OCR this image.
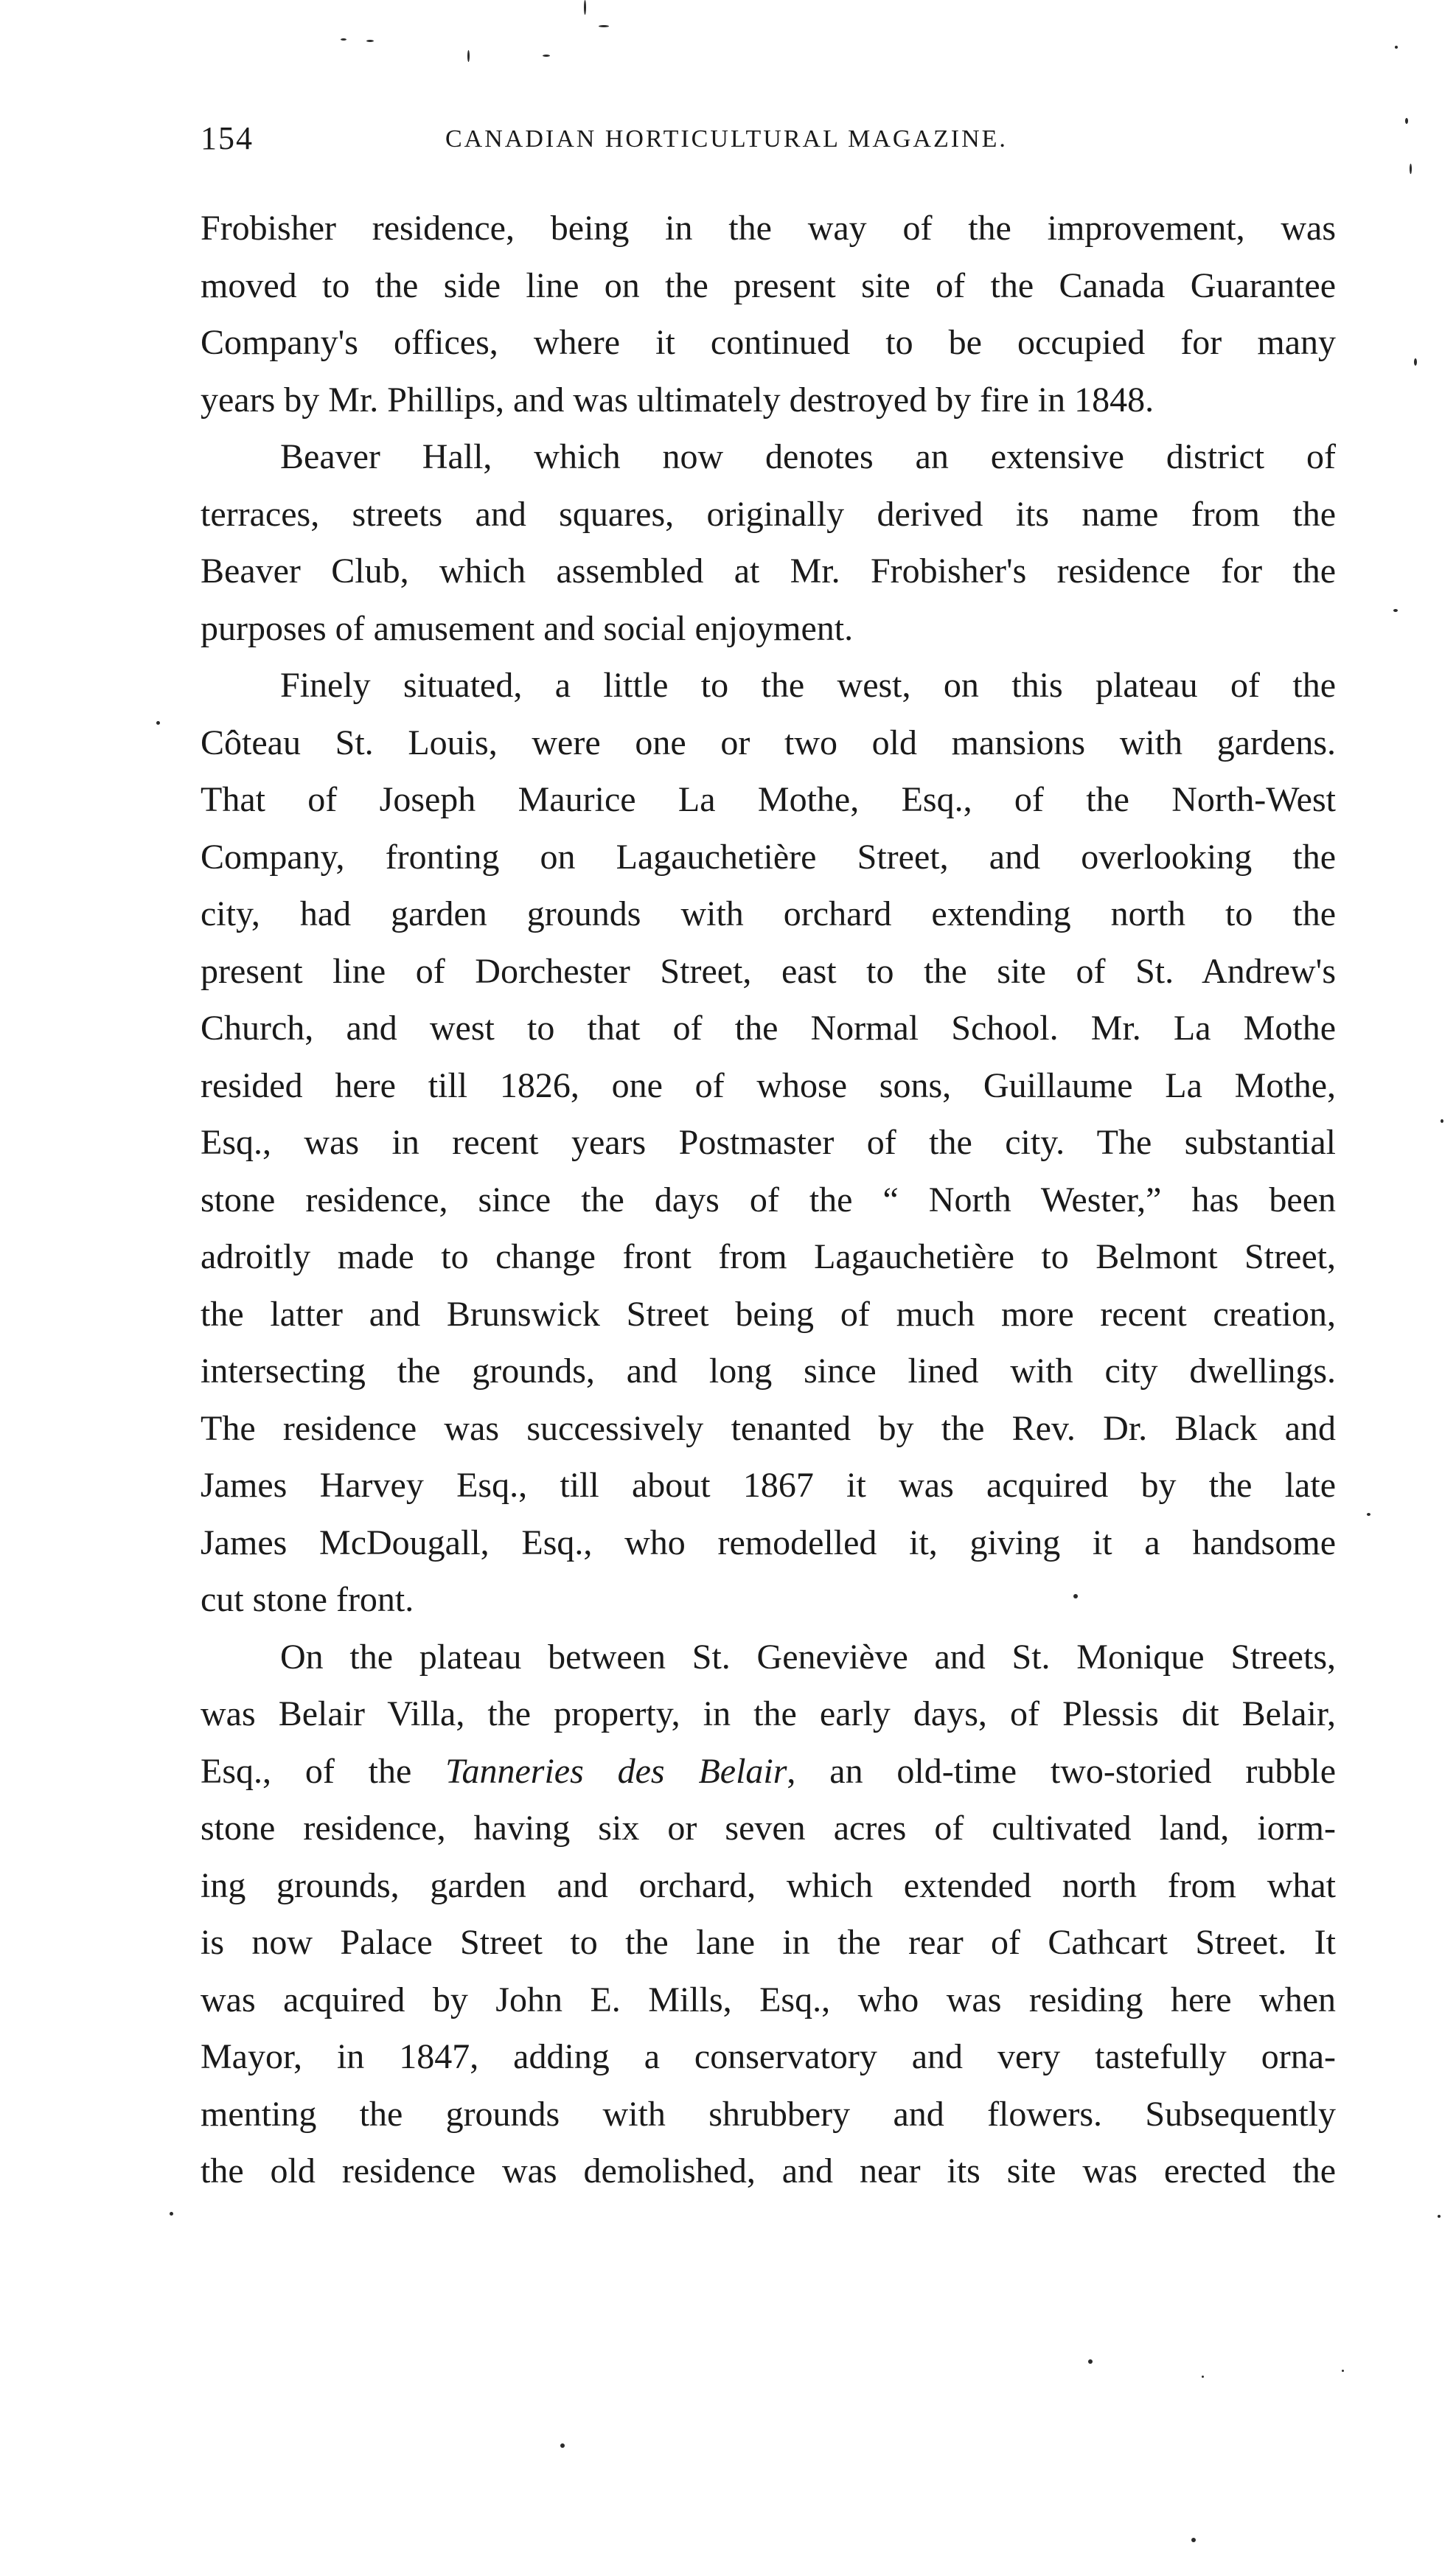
154	CANADIAN HORTICULTURAL MAGAZINE.

Frobisher residence, being in the way of the improvement, was
moved to the side line on the present site of the Canada Guarantee
Company's offices, where it continued to be occupied for many
years by Mr. Phillips, and was ultimately destroyed by fire in 1848.

Beaver Hall, which now denotes an extensive district of
terraces, streets and squares, originally derived its name from the
Beaver Club, which assembled at Mr. Frobisher's residence for the
purposes of amusement and social enjoyment.

Finely situated, a little to the west, on this plateau of the
Côteau St. Louis, were one or two old mansions with gardens.
That of Joseph Maurice La Mothe, Esq., of the North-West
Company, fronting on Lagauchetière Street, and overlooking the
city, had garden grounds with orchard extending north to the
present line of Dorchester Street, east to the site of St. Andrew's
Church, and west to that of the Normal School. Mr. La Mothe
resided here till 1826, one of whose sons, Guillaume La Mothe,
Esq., was in recent years Postmaster of the city. The substantial
stone residence, since the days of the “ North Wester,” has been
adroitly made to change front from Lagauchetière to Belmont Street,
the latter and Brunswick Street being of much more recent creation,
intersecting the grounds, and long since lined with city dwellings.
The residence was successively tenanted by the Rev. Dr. Black and
James Harvey Esq., till about 1867 it was acquired by the late
James McDougall, Esq., who remodelled it, giving it a handsome
cut stone front.

On the plateau between St. Geneviève and St. Monique Streets,
was Belair Villa, the property, in the early days, of Plessis dit Belair,
Esq., of the Tanneries des Belair, an old-time two-storied rubble
stone residence, having six or seven acres of cultivated land, iorm-
ing grounds, garden and orchard, which extended north from what
is now Palace Street to the lane in the rear of Cathcart Street. It
was acquired by John E. Mills, Esq., who was residing here when
Mayor, in 1847, adding a conservatory and very tastefully orna-
menting the grounds with shrubbery and flowers. Subsequently
the old residence was demolished, and near its site was erected the
